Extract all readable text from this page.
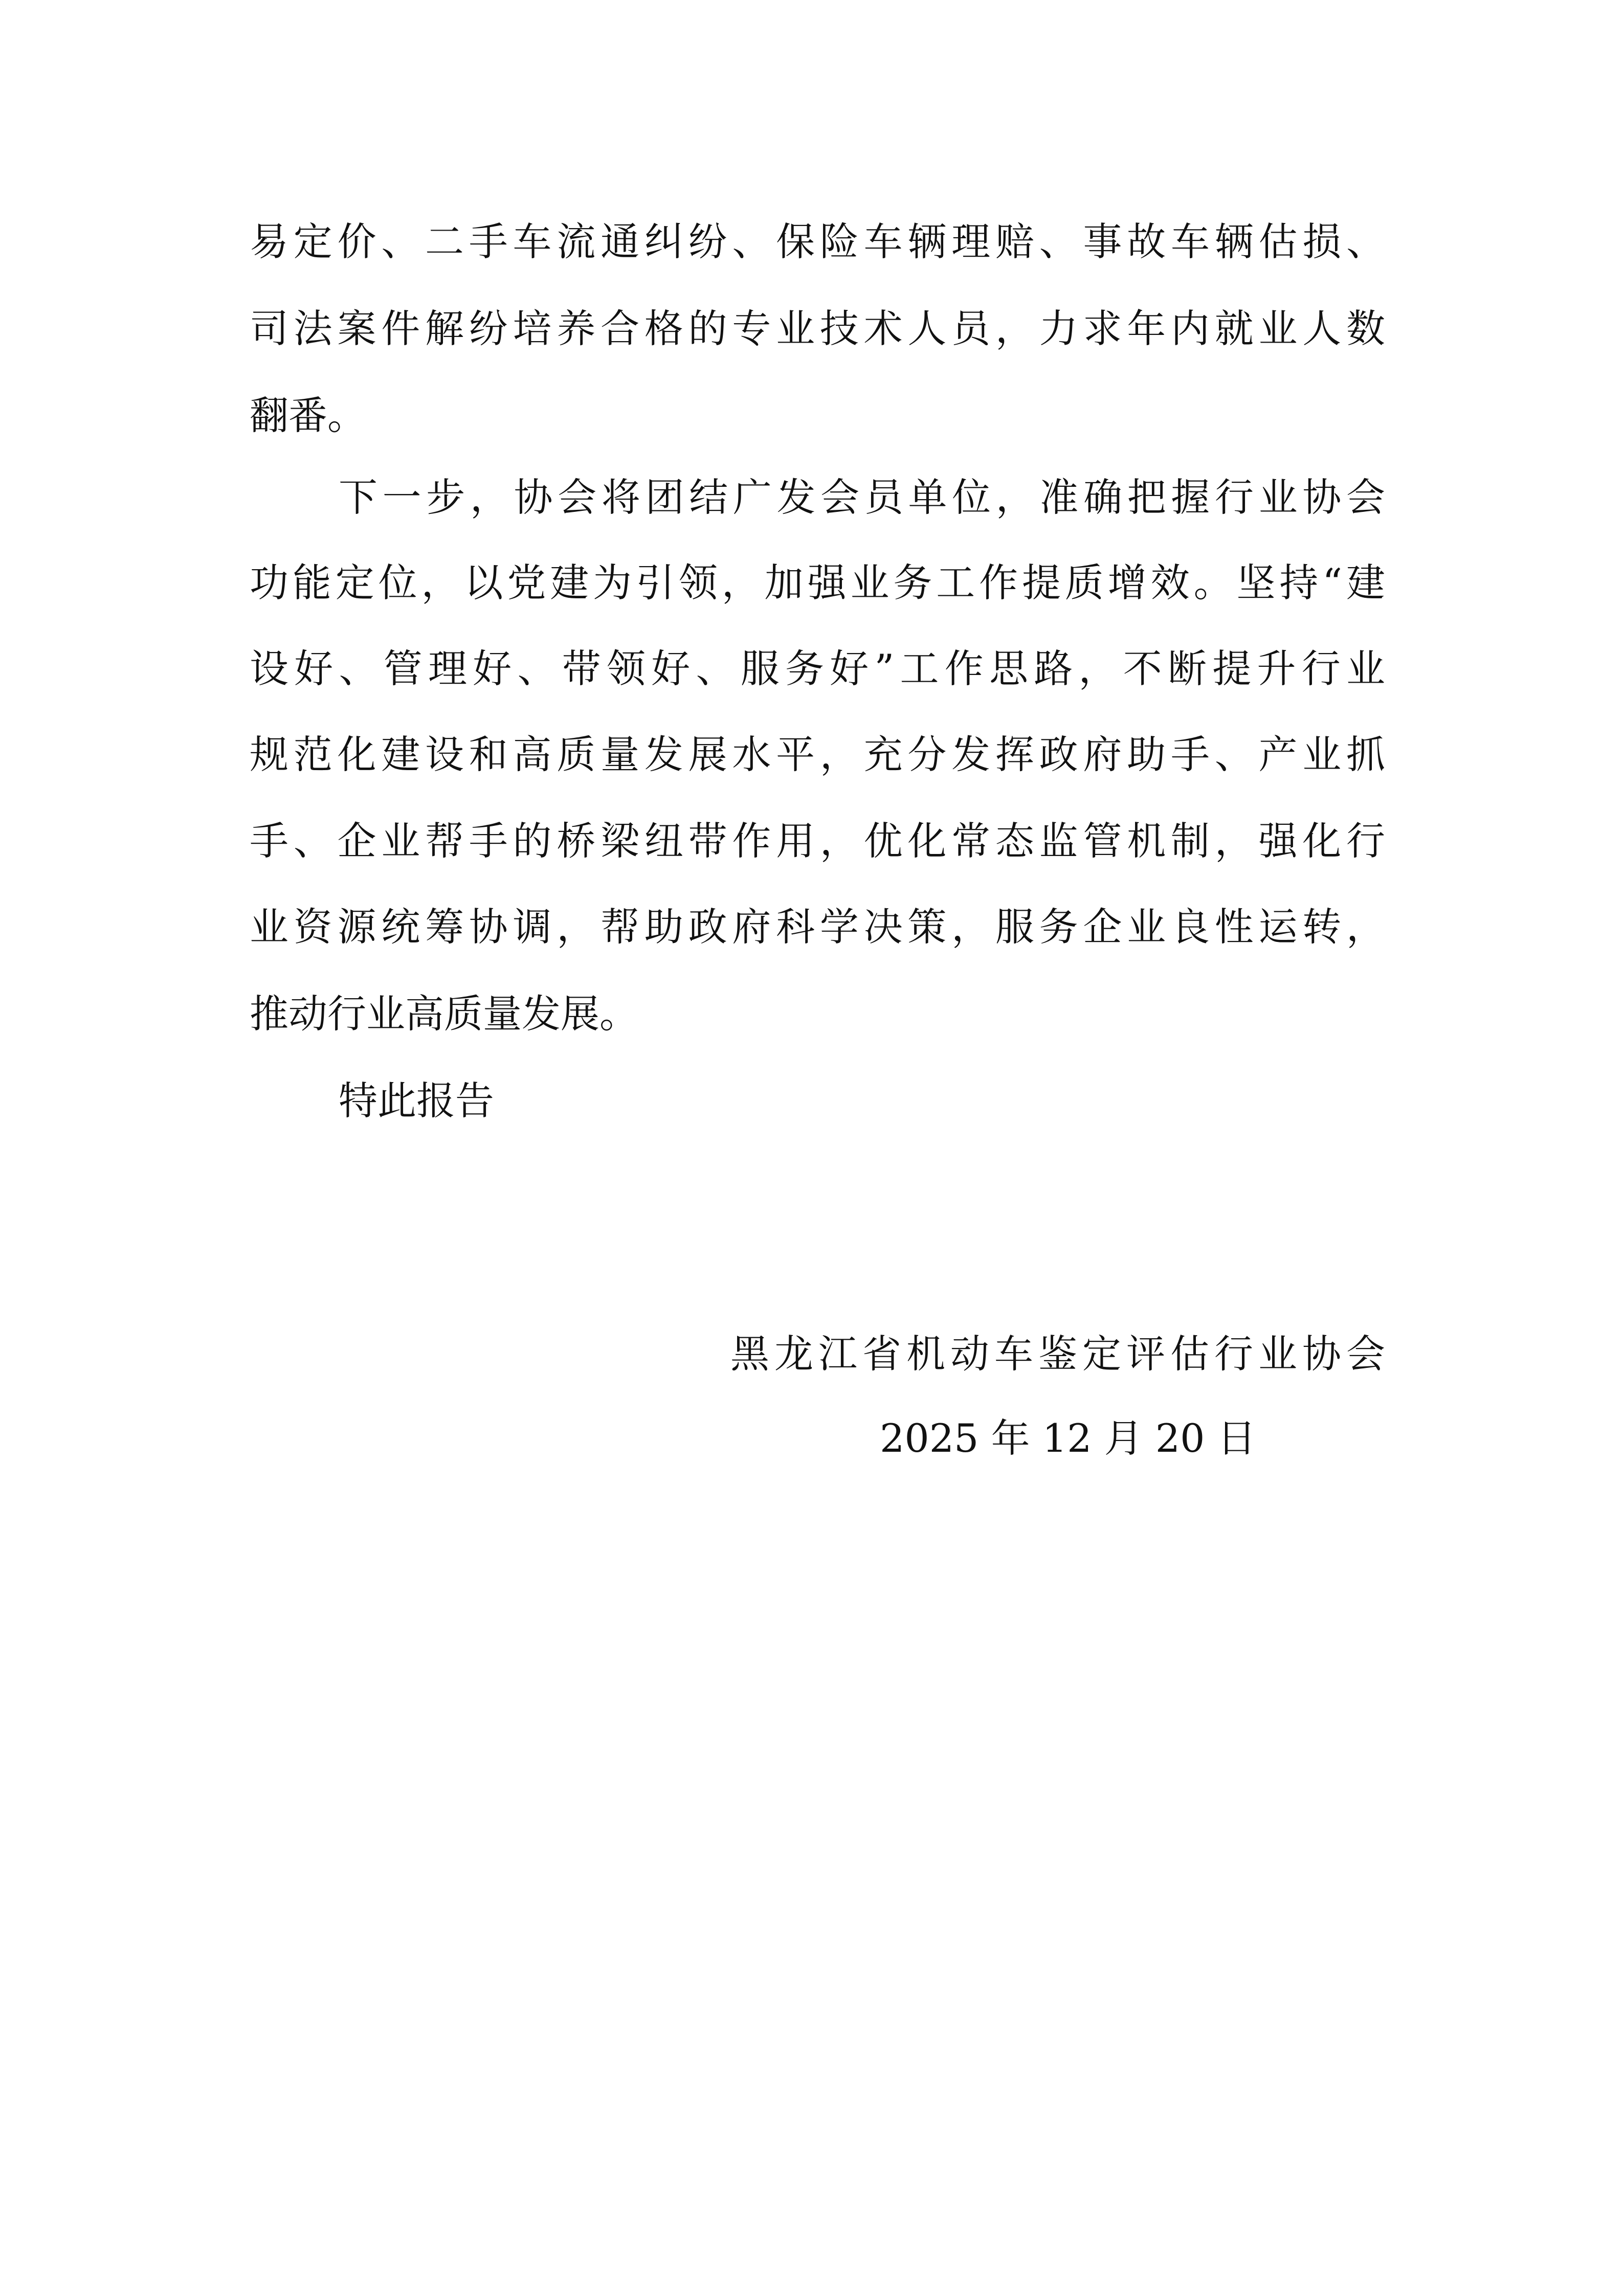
易定价、二手车流通纠纷、保险车辆理赔、事故车辆估损、
司法案件解纷培养合格的专业技术人员，力求年内就业人数
翻番。
下一步，协会将团结广发会员单位，准确把握行业协会
功能定位，以党建为引领，加强业务工作提质增效。坚持“建
设好、管理好、带领好、服务好”工作思路，不断提升行业
规范化建设和高质量发展水平，充分发挥政府助手、产业抓
手、企业帮手的桥梁纽带作用，优化常态监管机制，强化行
业资源统筹协调，帮助政府科学决策，服务企业良性运转，
推动行业高质量发展。
特此报告
黑龙江省机动车鉴定评估行业协会
2025 年 12 月 20 日
